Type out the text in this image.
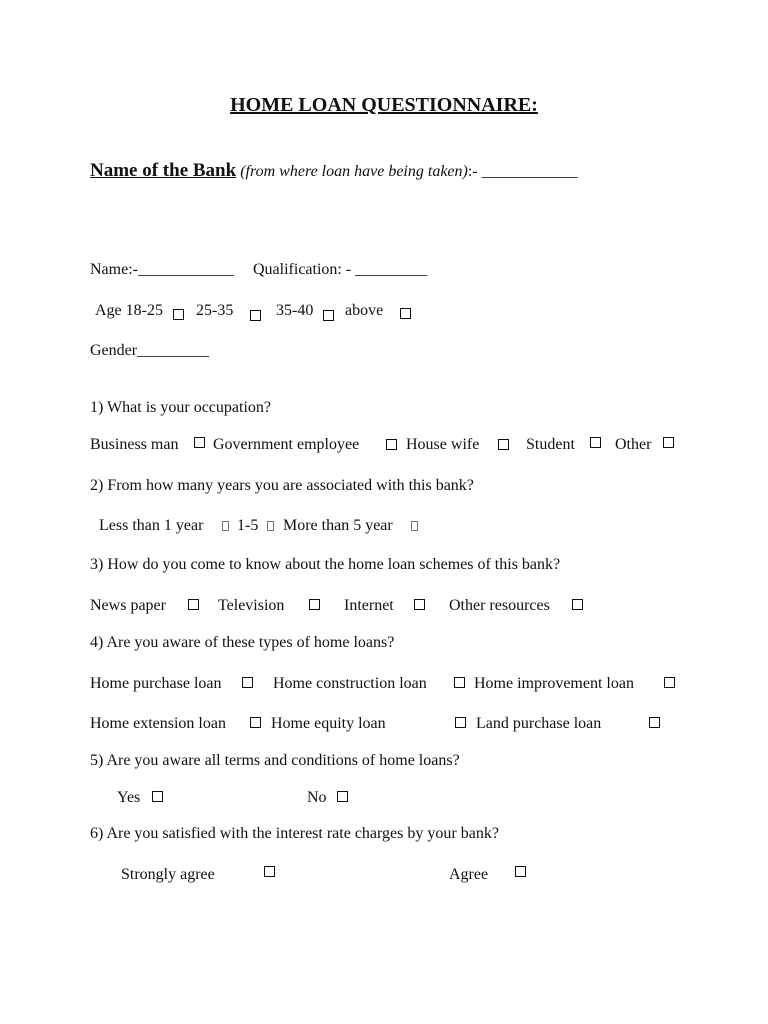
HOME LOAN QUESTIONNAIRE:
Name of the Bank (from where loan have being taken):- ____________
Name:-____________ Qualification: - _________
Age 18-25 25-35	35-40 above
Gender_________
1) What is your occupation?
Business man Government employee	House wife	Student	Other
2) From how many years you are associated with this bank?
Less than 1 year 1-5 More than 5 year
3) How do you come to know about the home loan schemes of this bank?
News paper	Television	Internet	Other resources
4) Are you aware of these types of home loans?
Home purchase loan	Home construction loan	Home improvement loan
Home extension loan	Home equity loan	Land purchase loan
5) Are you aware all terms and conditions of home loans?
Yes	No
6) Are you satisfied with the interest rate charges by your bank?
Strongly agree	Agree
